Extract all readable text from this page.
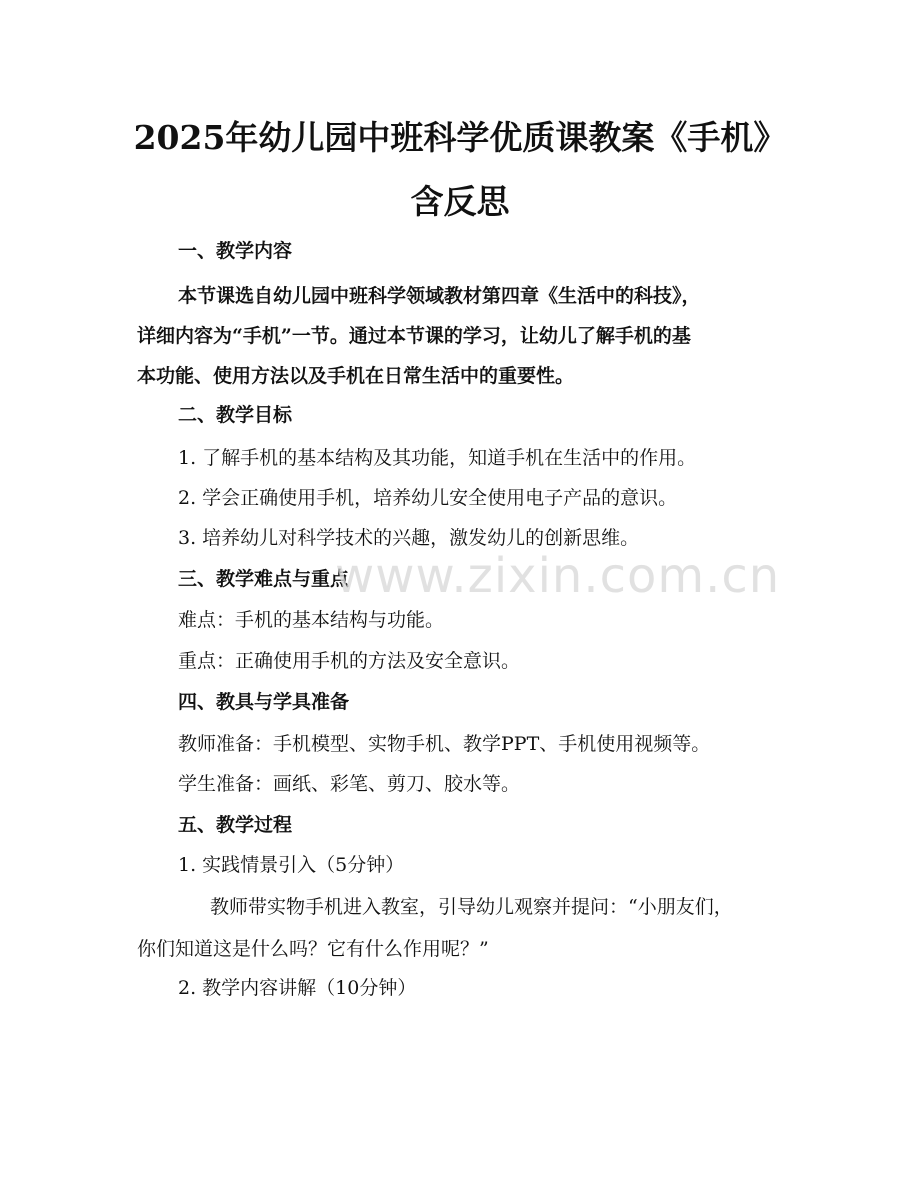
2025年幼儿园中班科学优质课教案《手机》
含反思
一、教学内容
本节课选自幼儿园中班科学领域教材第四章《生活中的科技》，
详细内容为“手机”一节。通过本节课的学习，让幼儿了解手机的基
本功能、使用方法以及手机在日常生活中的重要性。
二、教学目标
1. 了解手机的基本结构及其功能，知道手机在生活中的作用。
2. 学会正确使用手机，培养幼儿安全使用电子产品的意识。
3. 培养幼儿对科学技术的兴趣，激发幼儿的创新思维。
三、教学难点与重点
难点：手机的基本结构与功能。
重点：正确使用手机的方法及安全意识。
四、教具与学具准备
教师准备：手机模型、实物手机、教学PPT、手机使用视频等。
学生准备：画纸、彩笔、剪刀、胶水等。
五、教学过程
1. 实践情景引入（5分钟）
教师带实物手机进入教室，引导幼儿观察并提问：“小朋友们，
你们知道这是什么吗？它有什么作用呢？”
2. 教学内容讲解（10分钟）
www.zixin.com.cn
